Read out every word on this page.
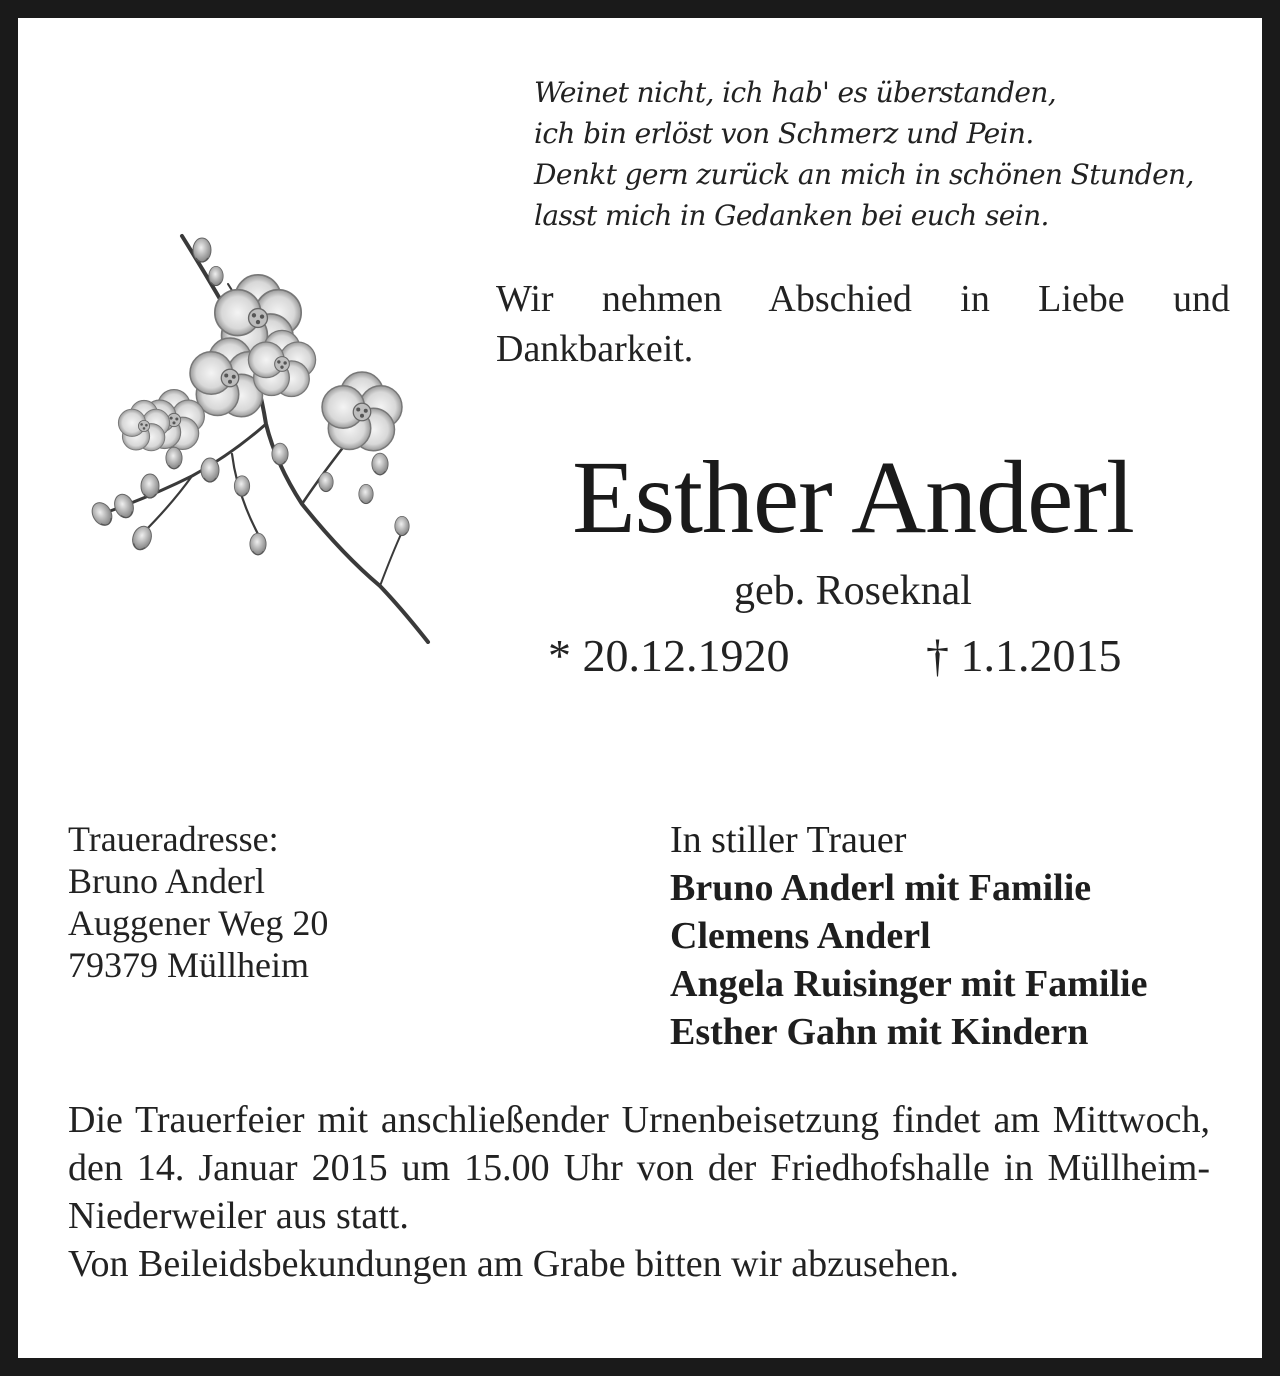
Weinet nicht, ich hab' es überstanden,
ich bin erlöst von Schmerz und Pein.
Denkt gern zurück an mich in schönen Stunden,
lasst mich in Gedanken bei euch sein.
Wir nehmen Abschied in Liebe und Dankbarkeit.
Esther Anderl
geb. Roseknal
* 20.12.1920	† 1.1.2015
Traueradresse:
Bruno Anderl
Auggener Weg 20
79379 Müllheim
In stiller Trauer
Bruno Anderl mit Familie
Clemens Anderl
Angela Ruisinger mit Familie
Esther Gahn mit Kindern

Die Trauerfeier mit anschließender Urnenbeisetzung findet am Mittwoch, den 14. Januar 2015 um 15.00 Uhr von der Friedhofshalle in Müllheim-Niederweiler aus statt.

Von Beileidsbekundungen am Grabe bitten wir abzusehen.
